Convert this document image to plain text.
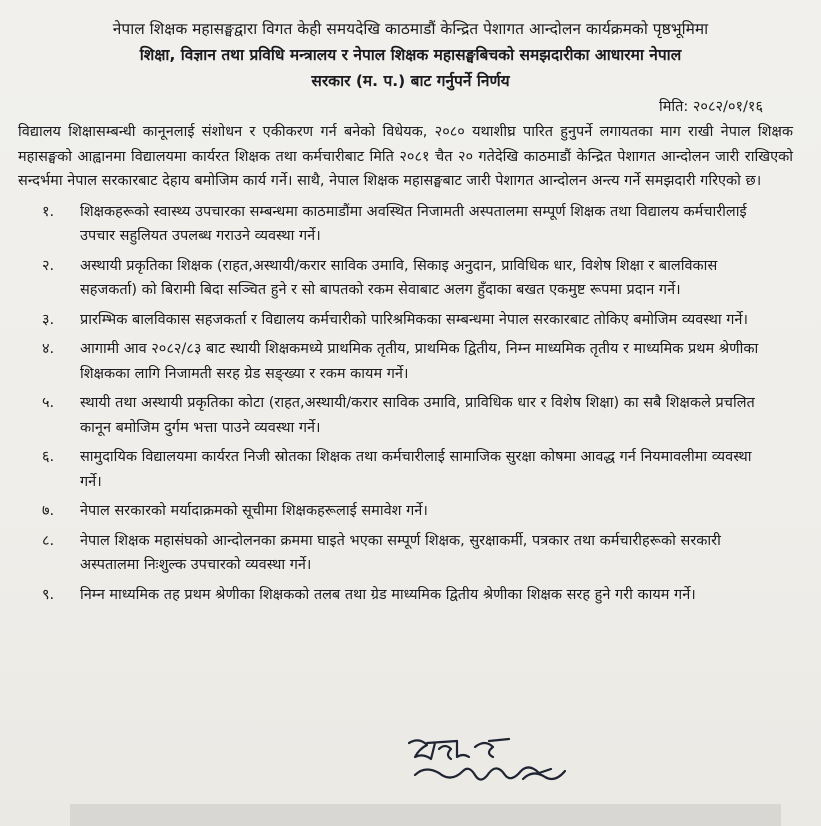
नेपाल शिक्षक महासङ्घद्वारा विगत केही समयदेखि काठमाडौं केन्द्रित पेशागत आन्दोलन कार्यक्रमको पृष्ठभूमिमा
शिक्षा, विज्ञान तथा प्रविधि मन्त्रालय र नेपाल शिक्षक महासङ्घबिचको समझदारीका आधारमा नेपाल
सरकार (म. प.) बाट गर्नुपर्ने निर्णय
मिति: २०८२/०१/१६
विद्यालय शिक्षासम्बन्धी कानूनलाई संशोधन र एकीकरण गर्न बनेको विधेयक, २०८० यथाशीघ्र पारित हुनुपर्ने लगायतका माग राखी नेपाल शिक्षक महासङ्घको आह्वानमा विद्यालयमा कार्यरत शिक्षक तथा कर्मचारीबाट मिति २०८१ चैत २० गतेदेखि काठमाडौं केन्द्रित पेशागत आन्दोलन जारी राखिएको सन्दर्भमा नेपाल सरकारबाट देहाय बमोजिम कार्य गर्ने। साथै, नेपाल शिक्षक महासङ्घबाट जारी पेशागत आन्दोलन अन्त्य गर्ने समझदारी गरिएको छ।
१.	शिक्षकहरूको स्वास्थ्य उपचारका सम्बन्धमा काठमाडौंमा अवस्थित निजामती अस्पतालमा सम्पूर्ण शिक्षक तथा विद्यालय कर्मचारीलाई उपचार सहुलियत उपलब्ध गराउने व्यवस्था गर्ने।
२.	अस्थायी प्रकृतिका शिक्षक (राहत,अस्थायी/करार साविक उमावि, सिकाइ अनुदान, प्राविधिक धार, विशेष शिक्षा र बालविकास सहजकर्ता) को बिरामी बिदा सञ्चित हुने र सो बापतको रकम सेवाबाट अलग हुँदाका बखत एकमुष्ट रूपमा प्रदान गर्ने।
३.	प्रारम्भिक बालविकास सहजकर्ता र विद्यालय कर्मचारीको पारिश्रमिकका सम्बन्धमा नेपाल सरकारबाट तोकिए बमोजिम व्यवस्था गर्ने।
४.	आगामी आव २०८२/८३ बाट स्थायी शिक्षकमध्ये प्राथमिक तृतीय, प्राथमिक द्वितीय, निम्न माध्यमिक तृतीय र माध्यमिक प्रथम श्रेणीका शिक्षकका लागि निजामती सरह ग्रेड सङ्ख्या र रकम कायम गर्ने।
५.	स्थायी तथा अस्थायी प्रकृतिका कोटा (राहत,अस्थायी/करार साविक उमावि, प्राविधिक धार र विशेष शिक्षा) का सबै शिक्षकले प्रचलित कानून बमोजिम दुर्गम भत्ता पाउने व्यवस्था गर्ने।
६.	सामुदायिक विद्यालयमा कार्यरत निजी स्रोतका शिक्षक तथा कर्मचारीलाई सामाजिक सुरक्षा कोषमा आवद्ध गर्न नियमावलीमा व्यवस्था गर्ने।
७.	नेपाल सरकारको मर्यादाक्रमको सूचीमा शिक्षकहरूलाई समावेश गर्ने।
८.	नेपाल शिक्षक महासंघको आन्दोलनका क्रममा घाइते भएका सम्पूर्ण शिक्षक, सुरक्षाकर्मी, पत्रकार तथा कर्मचारीहरूको सरकारी अस्पतालमा निःशुल्क उपचारको व्यवस्था गर्ने।
९.	निम्न माध्यमिक तह प्रथम श्रेणीका शिक्षकको तलब तथा ग्रेड माध्यमिक द्वितीय श्रेणीका शिक्षक सरह हुने गरी कायम गर्ने।
